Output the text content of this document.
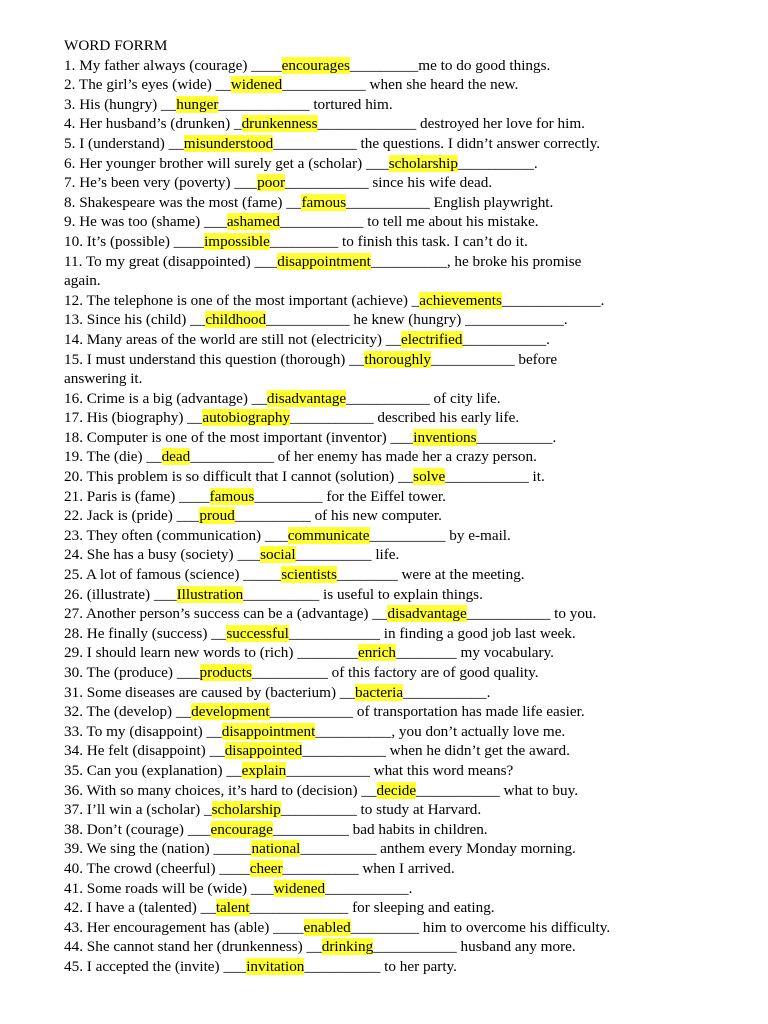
WORD FORRM
1. My father always (courage) ____encourages_________me to do good things.
2. The girl’s eyes (wide) __widened___________ when she heard the new.
3. His (hungry) __hunger____________ tortured him.
4. Her husband’s (drunken) _drunkenness_____________ destroyed her love for him.
5. I (understand) __misunderstood___________ the questions. I didn’t answer correctly.
6. Her younger brother will surely get a (scholar) ___scholarship__________.
7. He’s been very (poverty) ___poor___________ since his wife dead.
8. Shakespeare was the most (fame) __famous___________ English playwright.
9. He was too (shame) ___ashamed___________ to tell me about his mistake.
10. It’s (possible) ____impossible_________ to finish this task. I can’t do it.
11. To my great (disappointed) ___disappointment__________, he broke his promise
again.
12. The telephone is one of the most important (achieve) _achievements_____________.
13. Since his (child) __childhood___________ he knew (hungry) _____________.
14. Many areas of the world are still not (electricity) __electrified___________.
15. I must understand this question (thorough) __thoroughly___________ before
answering it.
16. Crime is a big (advantage) __disadvantage___________ of city life.
17. His (biography) __autobiography___________ described his early life.
18. Computer is one of the most important (inventor) ___inventions__________.
19. The (die) __dead___________ of her enemy has made her a crazy person.
20. This problem is so difficult that I cannot (solution) __solve___________ it.
21. Paris is (fame) ____famous_________ for the Eiffel tower.
22. Jack is (pride) ___proud__________ of his new computer.
23. They often (communication) ___communicate__________ by e-mail.
24. She has a busy (society) ___social__________ life.
25. A lot of famous (science) _____scientists________ were at the meeting.
26. (illustrate) ___Illustration__________ is useful to explain things.
27. Another person’s success can be a (advantage) __disadvantage___________ to you.
28. He finally (success) __successful____________ in finding a good job last week.
29. I should learn new words to (rich) ________enrich________ my vocabulary.
30. The (produce) ___products__________ of this factory are of good quality.
31. Some diseases are caused by (bacterium) __bacteria___________.
32. The (develop) __development___________ of transportation has made life easier.
33. To my (disappoint) __disappointment__________, you don’t actually love me.
34. He felt (disappoint) __disappointed___________ when he didn’t get the award.
35. Can you (explanation) __explain___________ what this word means?
36. With so many choices, it’s hard to (decision) __decide___________ what to buy.
37. I’ll win a (scholar) _scholarship__________ to study at Harvard.
38. Don’t (courage) ___encourage__________ bad habits in children.
39. We sing the (nation) _____national__________ anthem every Monday morning.
40. The crowd (cheerful) ____cheer__________ when I arrived.
41. Some roads will be (wide) ___widened___________.
42. I have a (talented) __talent_____________ for sleeping and eating.
43. Her encouragement has (able) ____enabled_________ him to overcome his difficulty.
44. She cannot stand her (drunkenness) __drinking___________ husband any more.
45. I accepted the (invite) ___invitation__________ to her party.
